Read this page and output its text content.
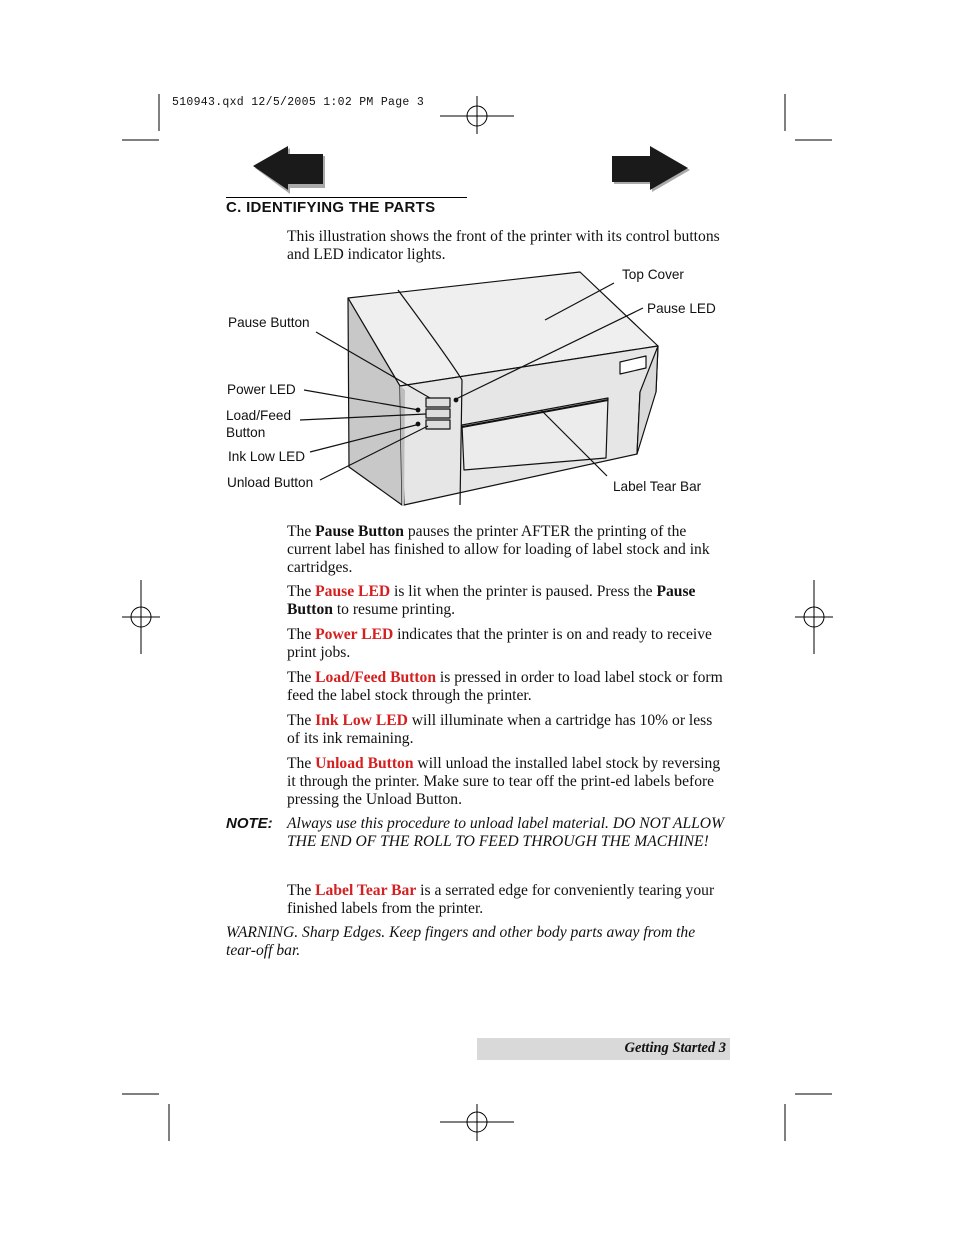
510943.qxd 12/5/2005 1:02 PM Page 3
C. IDENTIFYING THE PARTS
This illustration shows the front of the printer with its control buttons and LED indicator lights.
Top Cover
Pause LED
Pause Button
Power LED
Load/Feed
Button
Ink Low LED
Unload Button	Label Tear Bar
The Pause Button pauses the printer AFTER the printing of the current label has finished to allow for loading of label stock and ink cartridges.
The Pause LED is lit when the printer is paused. Press the Pause Button to resume printing.
The Power LED indicates that the printer is on and ready to receive print jobs.
The Load/Feed Button is pressed in order to load label stock or form feed the label stock through the printer.
The Ink Low LED will illuminate when a cartridge has 10% or less of its ink remaining.
The Unload Button will unload the installed label stock by reversing it through the printer. Make sure to tear off the print-ed labels before pressing the Unload Button.
NOTE: Always use this procedure to unload label material. DO NOT ALLOW THE END OF THE ROLL TO FEED THROUGH THE MACHINE!
The Label Tear Bar is a serrated edge for conveniently tearing your finished labels from the printer.
WARNING. Sharp Edges. Keep fingers and other body parts away from the tear-off bar.
Getting Started 3
